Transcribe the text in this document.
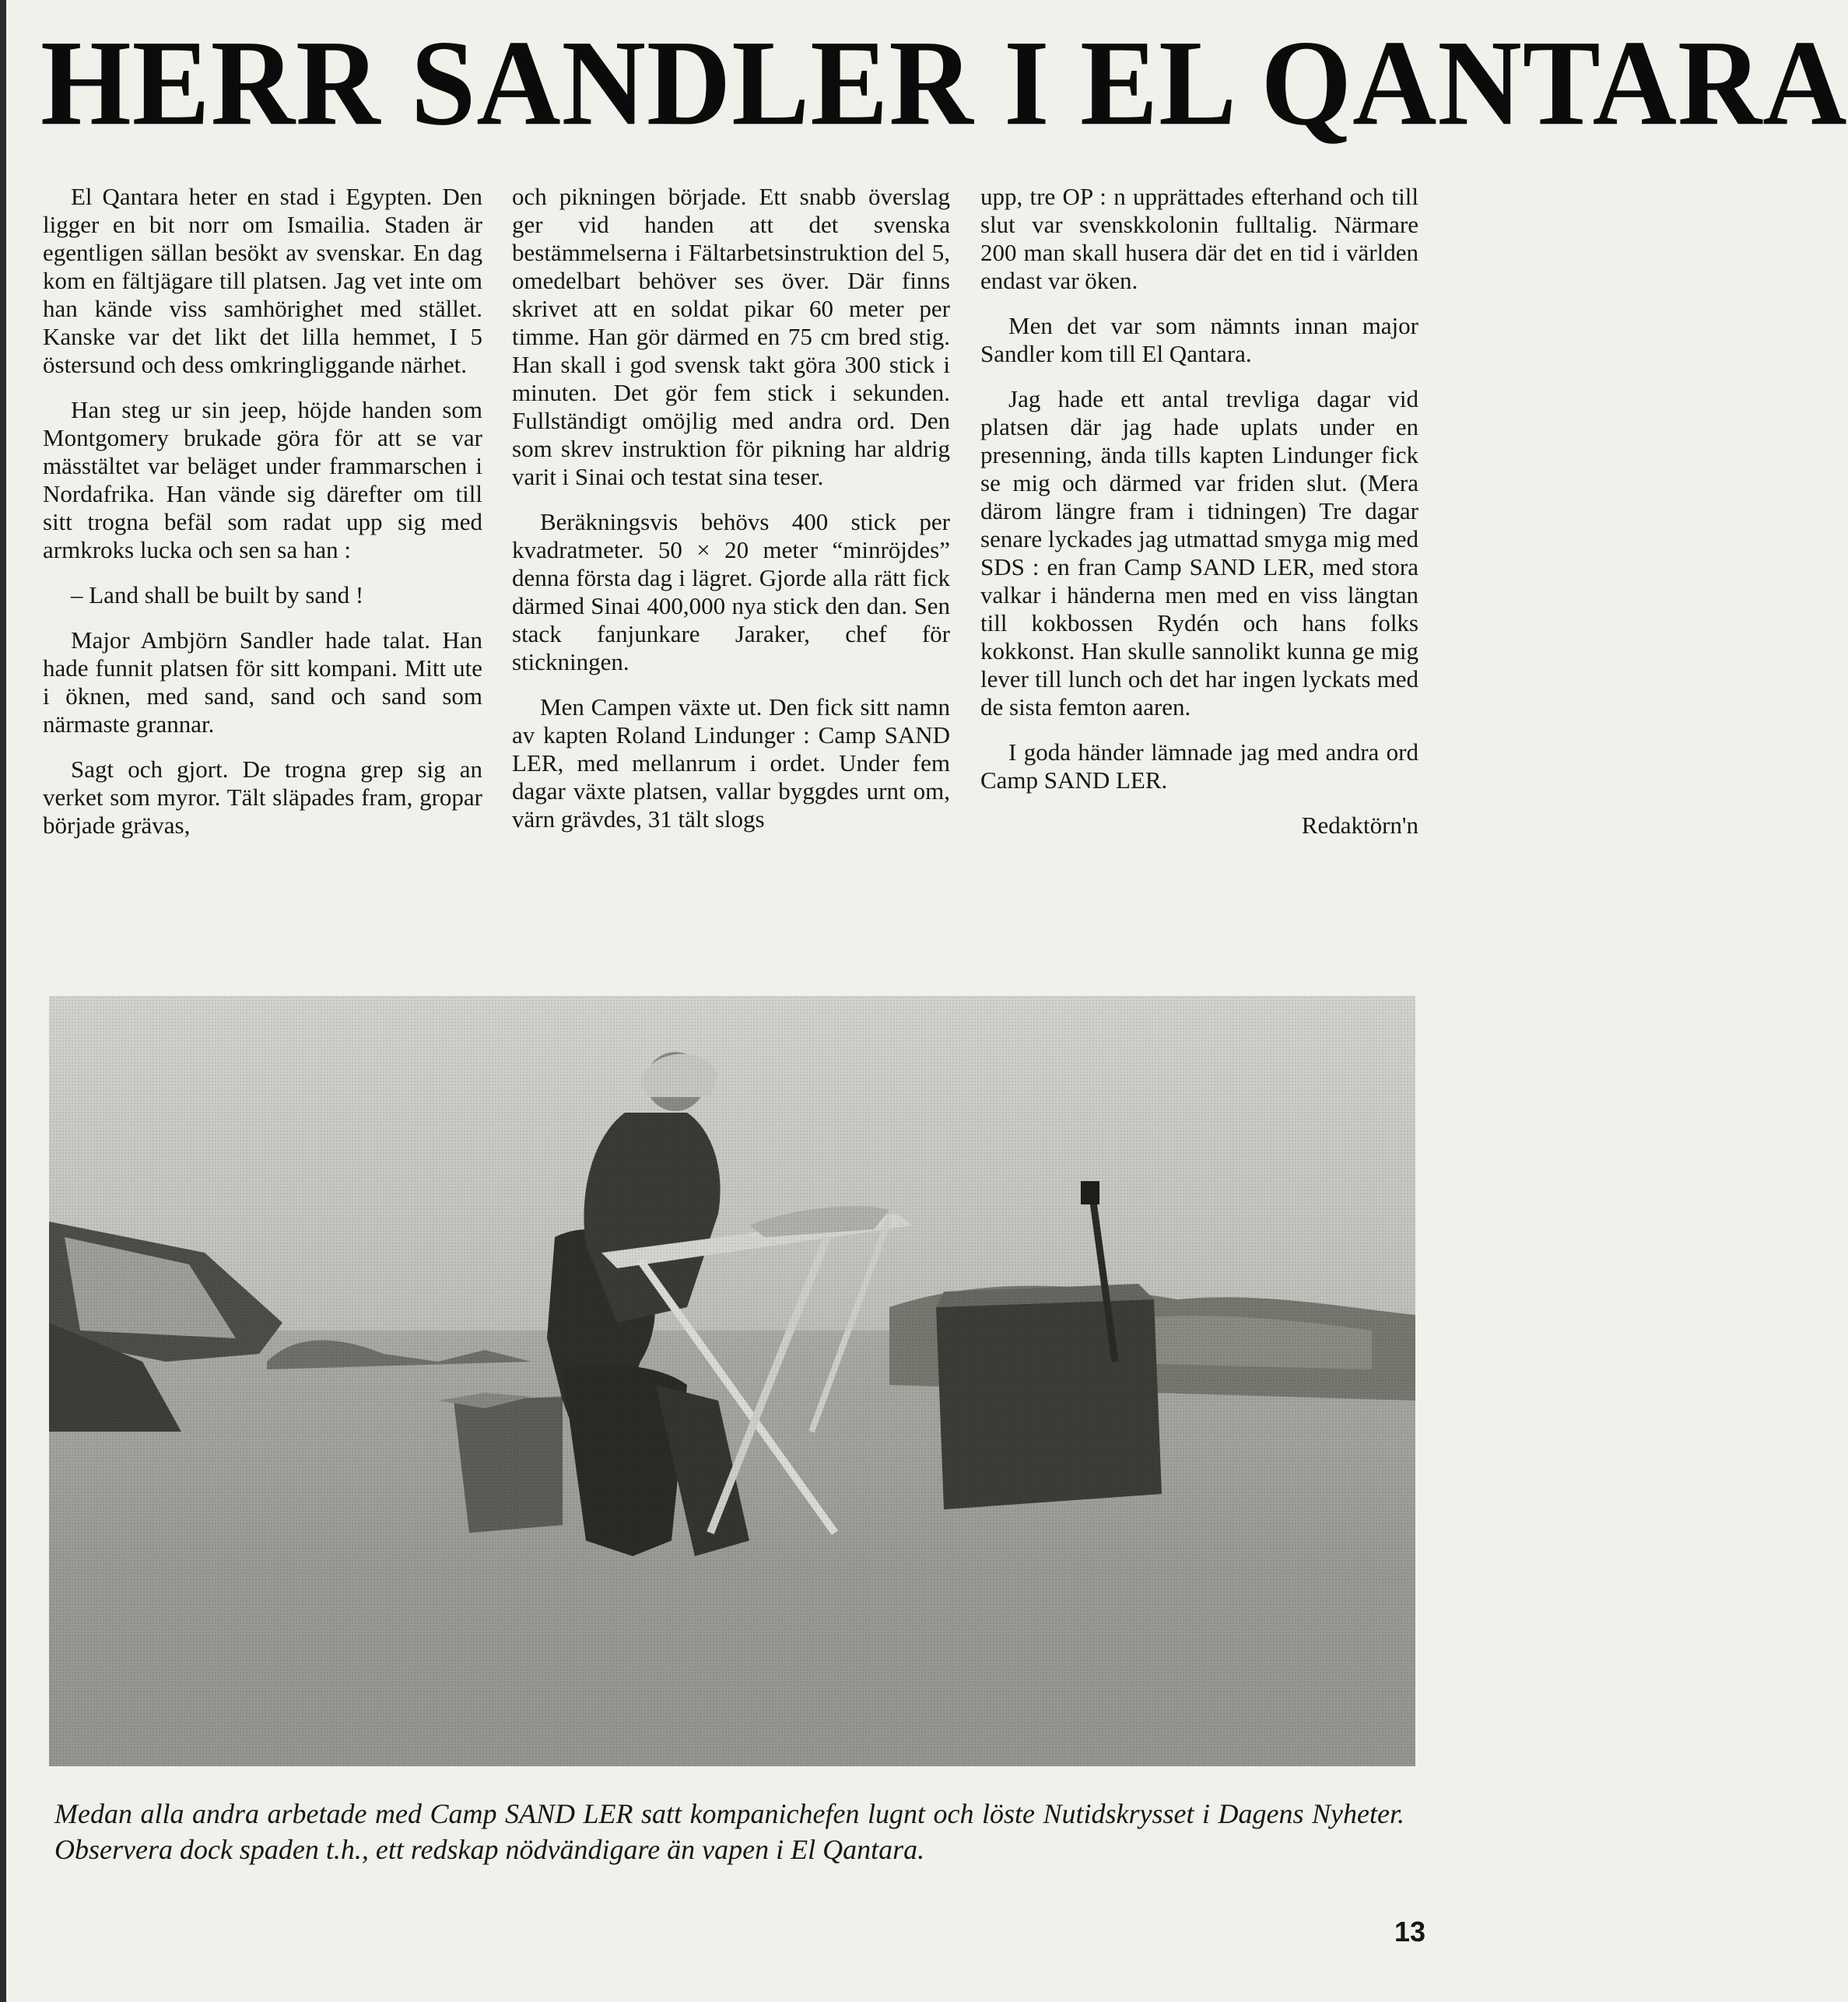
HERR SANDLER I EL QANTARA

El Qantara heter en stad i Egypten. Den ligger en bit norr om Ismailia. Staden är egentligen sällan besökt av svenskar. En dag kom en fältjägare till platsen. Jag vet inte om han kände viss samhörighet med stället. Kanske var det likt det lilla hemmet, I 5 östersund och dess omkringliggande närhet.

Han steg ur sin jeep, höjde handen som Montgomery brukade göra för att se var mässtältet var beläget under frammarschen i Nordafrika. Han vände sig därefter om till sitt trogna befäl som radat upp sig med armkroks lucka och sen sa han :

– Land shall be built by sand !

Major Ambjörn Sandler hade talat. Han hade funnit platsen för sitt kompani. Mitt ute i öknen, med sand, sand och sand som närmaste grannar.

Sagt och gjort. De trogna grep sig an verket som myror. Tält släpades fram, gropar började grävas,

och pikningen började. Ett snabb överslag ger vid handen att det svenska bestämmelserna i Fältarbetsinstruktion del 5, omedelbart behöver ses över. Där finns skrivet att en soldat pikar 60 meter per timme. Han gör därmed en 75 cm bred stig. Han skall i god svensk takt göra 300 stick i minuten. Det gör fem stick i sekunden. Fullständigt omöjlig med andra ord. Den som skrev instruktion för pikning har aldrig varit i Sinai och testat sina teser.

Beräkningsvis behövs 400 stick per kvadratmeter. 50 × 20 meter “minröjdes” denna första dag i lägret. Gjorde alla rätt fick därmed Sinai 400,000 nya stick den dan. Sen stack fanjunkare Jaraker, chef för stickningen.

Men Campen växte ut. Den fick sitt namn av kapten Roland Lindunger : Camp SAND LER, med mellanrum i ordet. Under fem dagar växte platsen, vallar byggdes urnt om, värn grävdes, 31 tält slogs

upp, tre OP : n upprättades efterhand och till slut var svenskkolonin fulltalig. Närmare 200 man skall husera där det en tid i världen endast var öken.

Men det var som nämnts innan major Sandler kom till El Qantara.

Jag hade ett antal trevliga dagar vid platsen där jag hade uplats under en presenning, ända tills kapten Lindunger fick se mig och därmed var friden slut. (Mera därom längre fram i tidningen) Tre dagar senare lyckades jag utmattad smyga mig med SDS : en fran Camp SAND LER, med stora valkar i händerna men med en viss längtan till kokbossen Rydén och hans folks kokkonst. Han skulle sannolikt kunna ge mig lever till lunch och det har ingen lyckats med de sista femton aaren.

I goda händer lämnade jag med andra ord Camp SAND LER.

Redaktörn'n

Medan alla andra arbetade med Camp SAND LER satt kompanichefen lugnt och löste Nutidskrysset i Dagens Nyheter. Observera dock spaden t.h., ett redskap nödvändigare än vapen i El Qantara.
13
